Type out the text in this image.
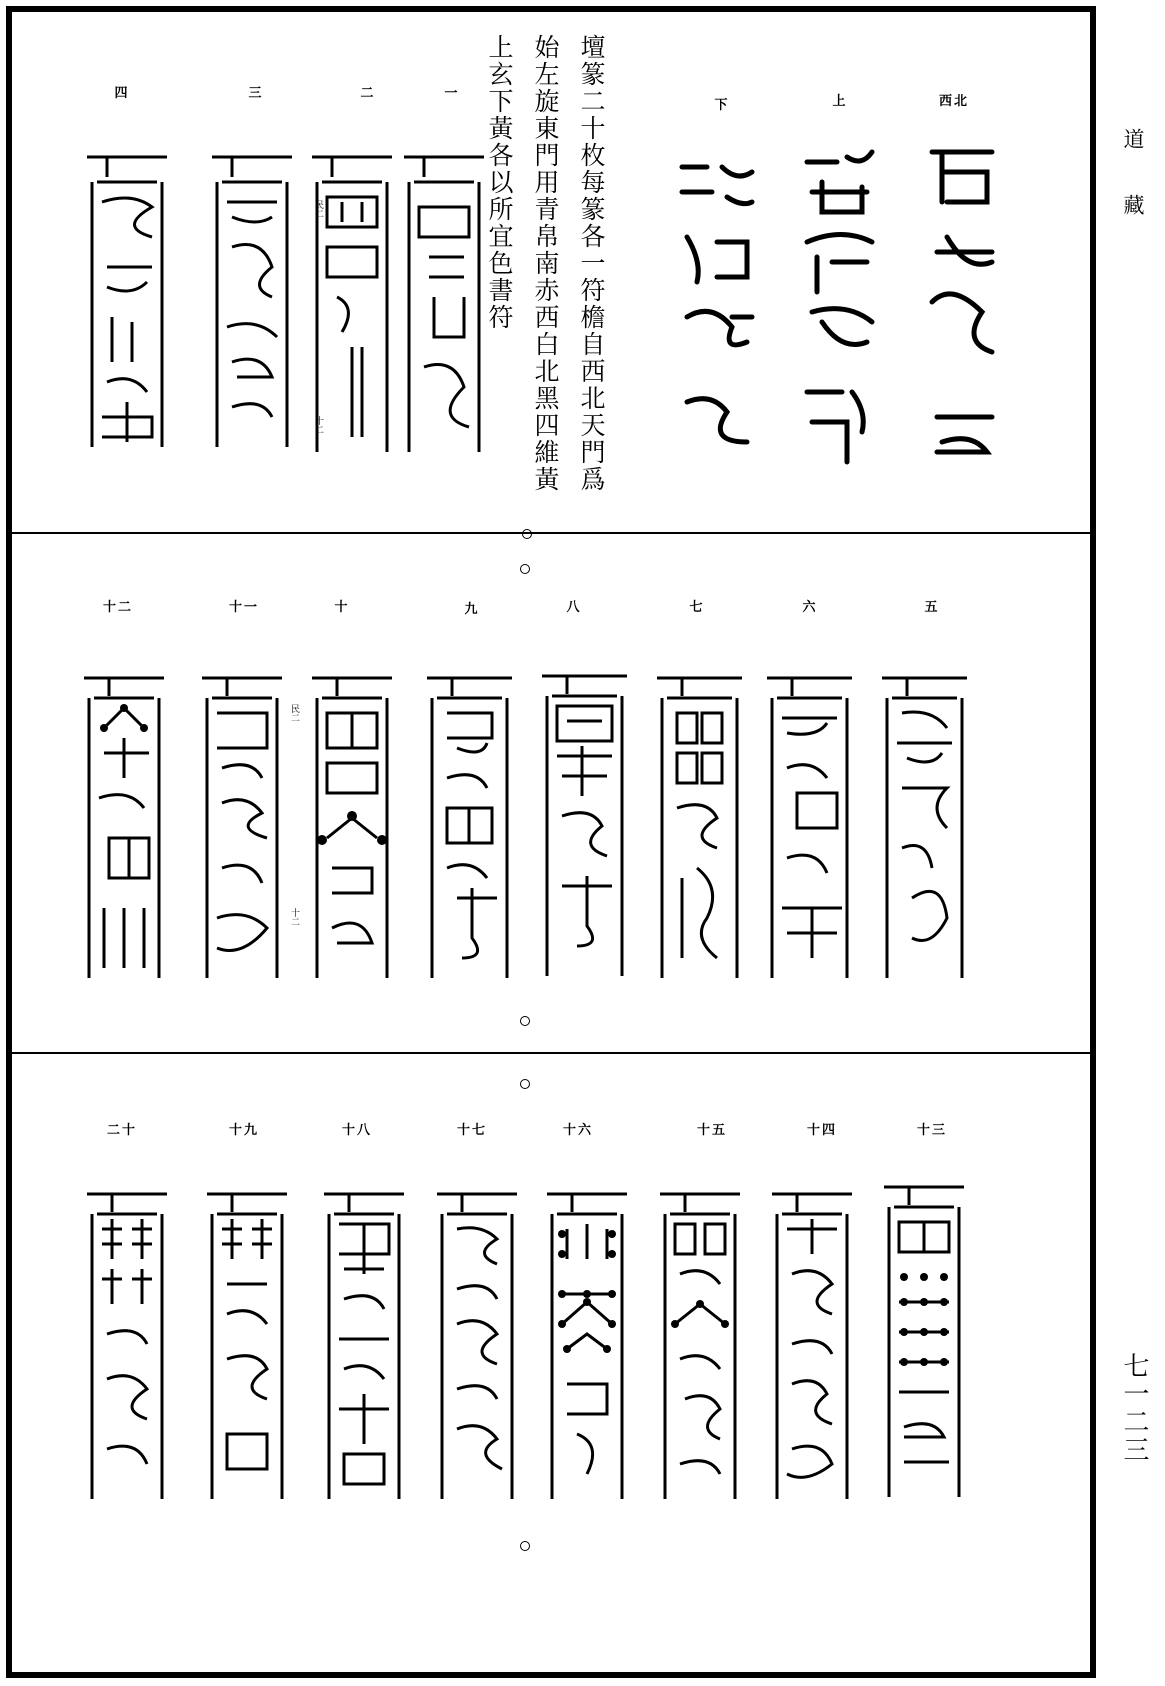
壇篆二十枚每篆各一符檐自西北天門爲
始左旋東門用青帛南赤西白北黑四維黃
上玄下黃各以所宜色書符	西北
上
下
一
二
三
四
民二
十二
五
六
七
八
九
十
十一
十二
民二
十二
十三
十四
十五
十六
十七
十八
十九
二十
道藏
七一二三
